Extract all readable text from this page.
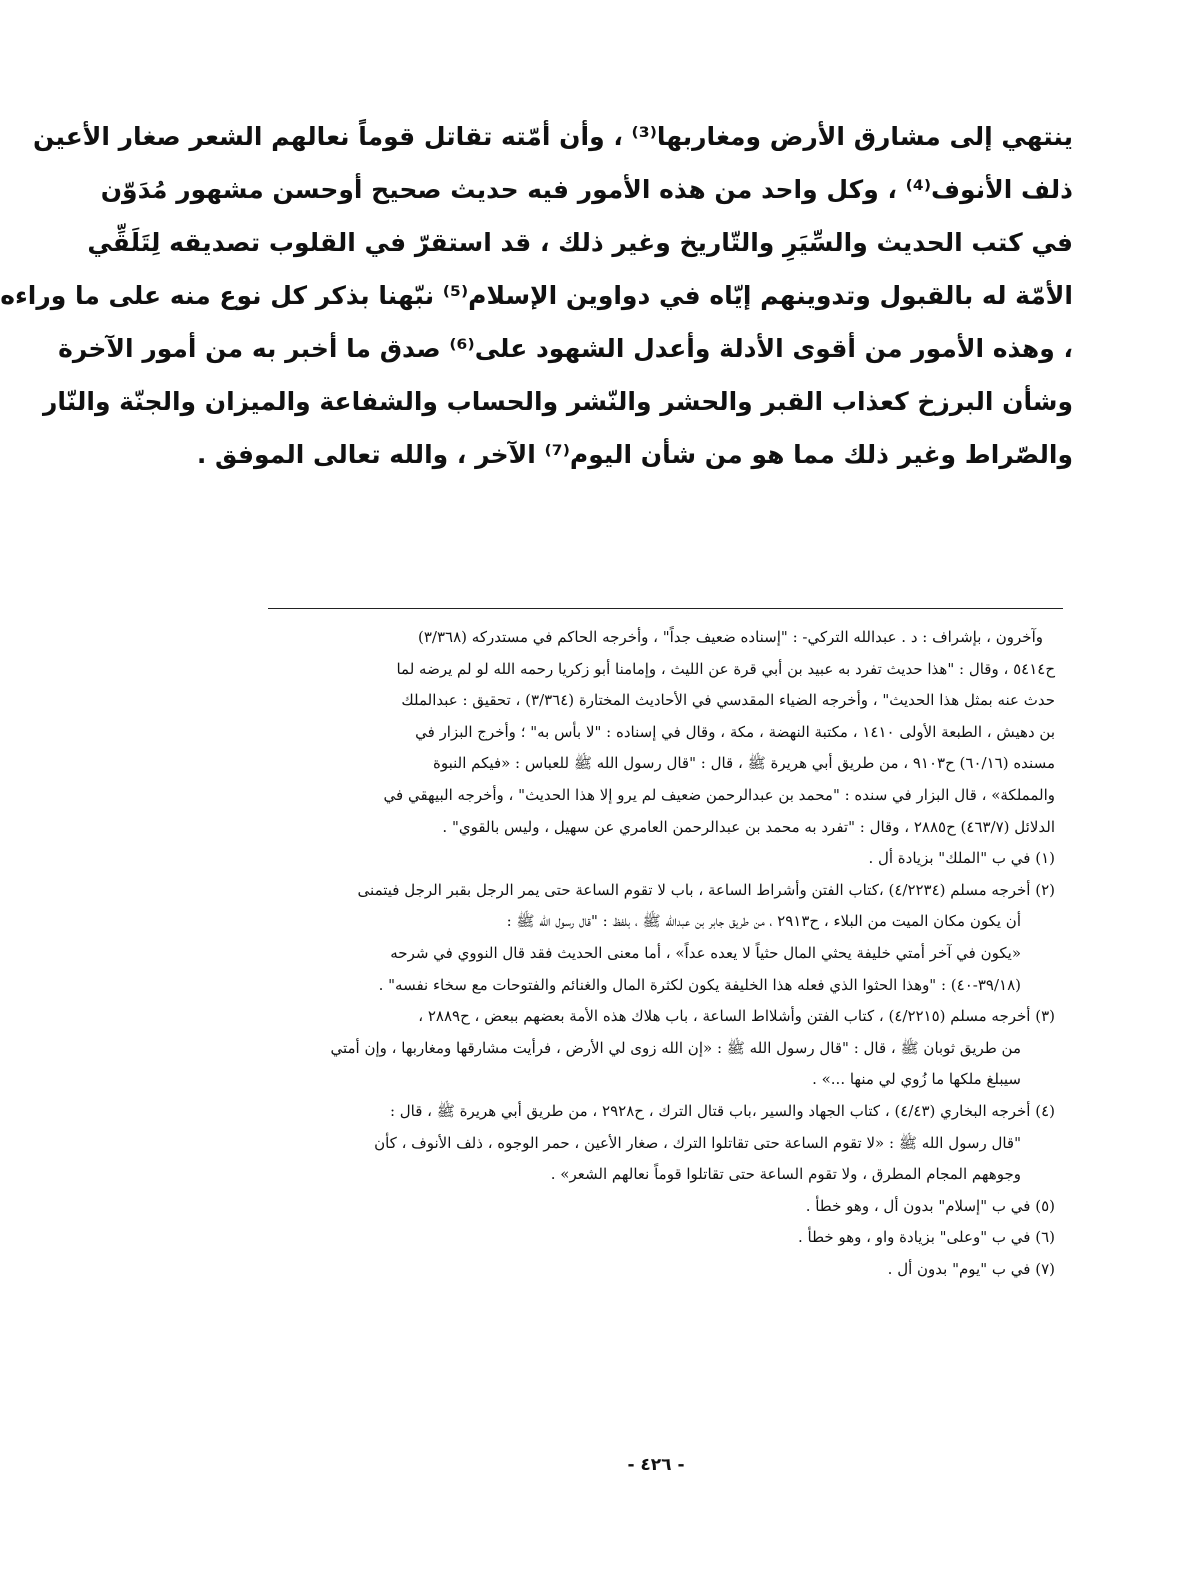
ينتهي إلى مشارق الأرض ومغاربها⁽³⁾ ، وأن أمّته تقاتل قوماً نعالهم الشعر صغار الأعين
ذلف الأنوف⁽⁴⁾ ، وكل واحد من هذه الأمور فيه حديث صحيح أوحسن مشهور مُدَوّن
في كتب الحديث والسِّيَرِ والتّاريخ وغير ذلك ، قد استقرّ في القلوب تصديقه لِتَلَقِّي
الأمّة له بالقبول وتدوينهم إيّاه في دواوين الإسلام⁽⁵⁾ نبّهنا بذكر كل نوع منه على ما وراءه
، وهذه الأمور من أقوى الأدلة وأعدل الشهود على⁽⁶⁾ صدق ما أخبر به من أمور الآخرة
وشأن البرزخ كعذاب القبر والحشر والنّشر والحساب والشفاعة والميزان والجنّة والنّار
والصّراط وغير ذلك مما هو من شأن اليوم⁽⁷⁾ الآخر ، والله تعالى الموفق .
وآخرون ، بإشراف : د . عبدالله التركي- : "إسناده ضعيف جداً" ، وأخرجه الحاكم في مستدركه (٣/٣٦٨)
ح٥٤١٤ ، وقال : "هذا حديث تفرد به عبيد بن أبي قرة عن الليث ، وإمامنا أبو زكريا رحمه الله لو لم يرضه لما
حدث عنه بمثل هذا الحديث" ، وأخرجه الضياء المقدسي في الأحاديث المختارة (٣/٣٦٤) ، تحقيق : عبدالملك
بن دهيش ، الطبعة الأولى ١٤١٠ ، مكتبة النهضة ، مكة ، وقال في إسناده : "لا بأس به" ؛ وأخرج البزار في
مسنده (٦٠/١٦) ح٩١٠٣ ، من طريق أبي هريرة ﷺ ، قال : "قال رسول الله ﷺ للعباس : «فيكم النبوة
والمملكة» ، قال البزار في سنده : "محمد بن عبدالرحمن ضعيف لم يرو إلا هذا الحديث" ، وأخرجه البيهقي في
الدلائل (٤٦٣/٧) ح٢٨٨٥ ، وقال : "تفرد به محمد بن عبدالرحمن العامري عن سهيل ، وليس بالقوي" .
(١) في ب "الملك" بزيادة أل .
(٢) أخرجه مسلم (٤/٢٢٣٤) ،كتاب الفتن وأشراط الساعة ، باب لا تقوم الساعة حتى يمر الرجل بقبر الرجل فيتمنى
أن يكون مكان الميت من البلاء ، ح٢٩١٣ ، من طريق جابر بن عبدالله ﷺ ، بلفظ : "قال رسول الله ﷺ :
«يكون في آخر أمتي خليفة يحثي المال حثياً لا يعده عداً» ، أما معنى الحديث فقد قال النووي في شرحه
(٣٩/١٨-٤٠) : "وهذا الحثوا الذي فعله هذا الخليفة يكون لكثرة المال والغنائم والفتوحات مع سخاء نفسه" .
(٣) أخرجه مسلم (٤/٢٢١٥) ، كتاب الفتن وأشلااط الساعة ، باب هلاك هذه الأمة بعضهم ببعض ، ح٢٨٨٩ ،
من طريق ثوبان ﷺ ، قال : "قال رسول الله ﷺ : «إن الله زوى لي الأرض ، فرأيت مشارقها ومغاربها ، وإن أمتي
سيبلغ ملكها ما زُوي لي منها ...» .
(٤) أخرجه البخاري (٤/٤٣) ، كتاب الجهاد والسير ،باب قتال الترك ، ح٢٩٢٨ ، من طريق أبي هريرة ﷺ ، قال :
"قال رسول الله ﷺ : «لا تقوم الساعة حتى تقاتلوا الترك ، صغار الأعين ، حمر الوجوه ، ذلف الأنوف ، كأن
وجوههم المجام المطرق ، ولا تقوم الساعة حتى تقاتلوا قوماً نعالهم الشعر» .
(٥) في ب "إسلام" بدون أل ، وهو خطأ .
(٦) في ب "وعلى" بزيادة واو ، وهو خطأ .
(٧) في ب "يوم" بدون أل .
- ٤٢٦ -
